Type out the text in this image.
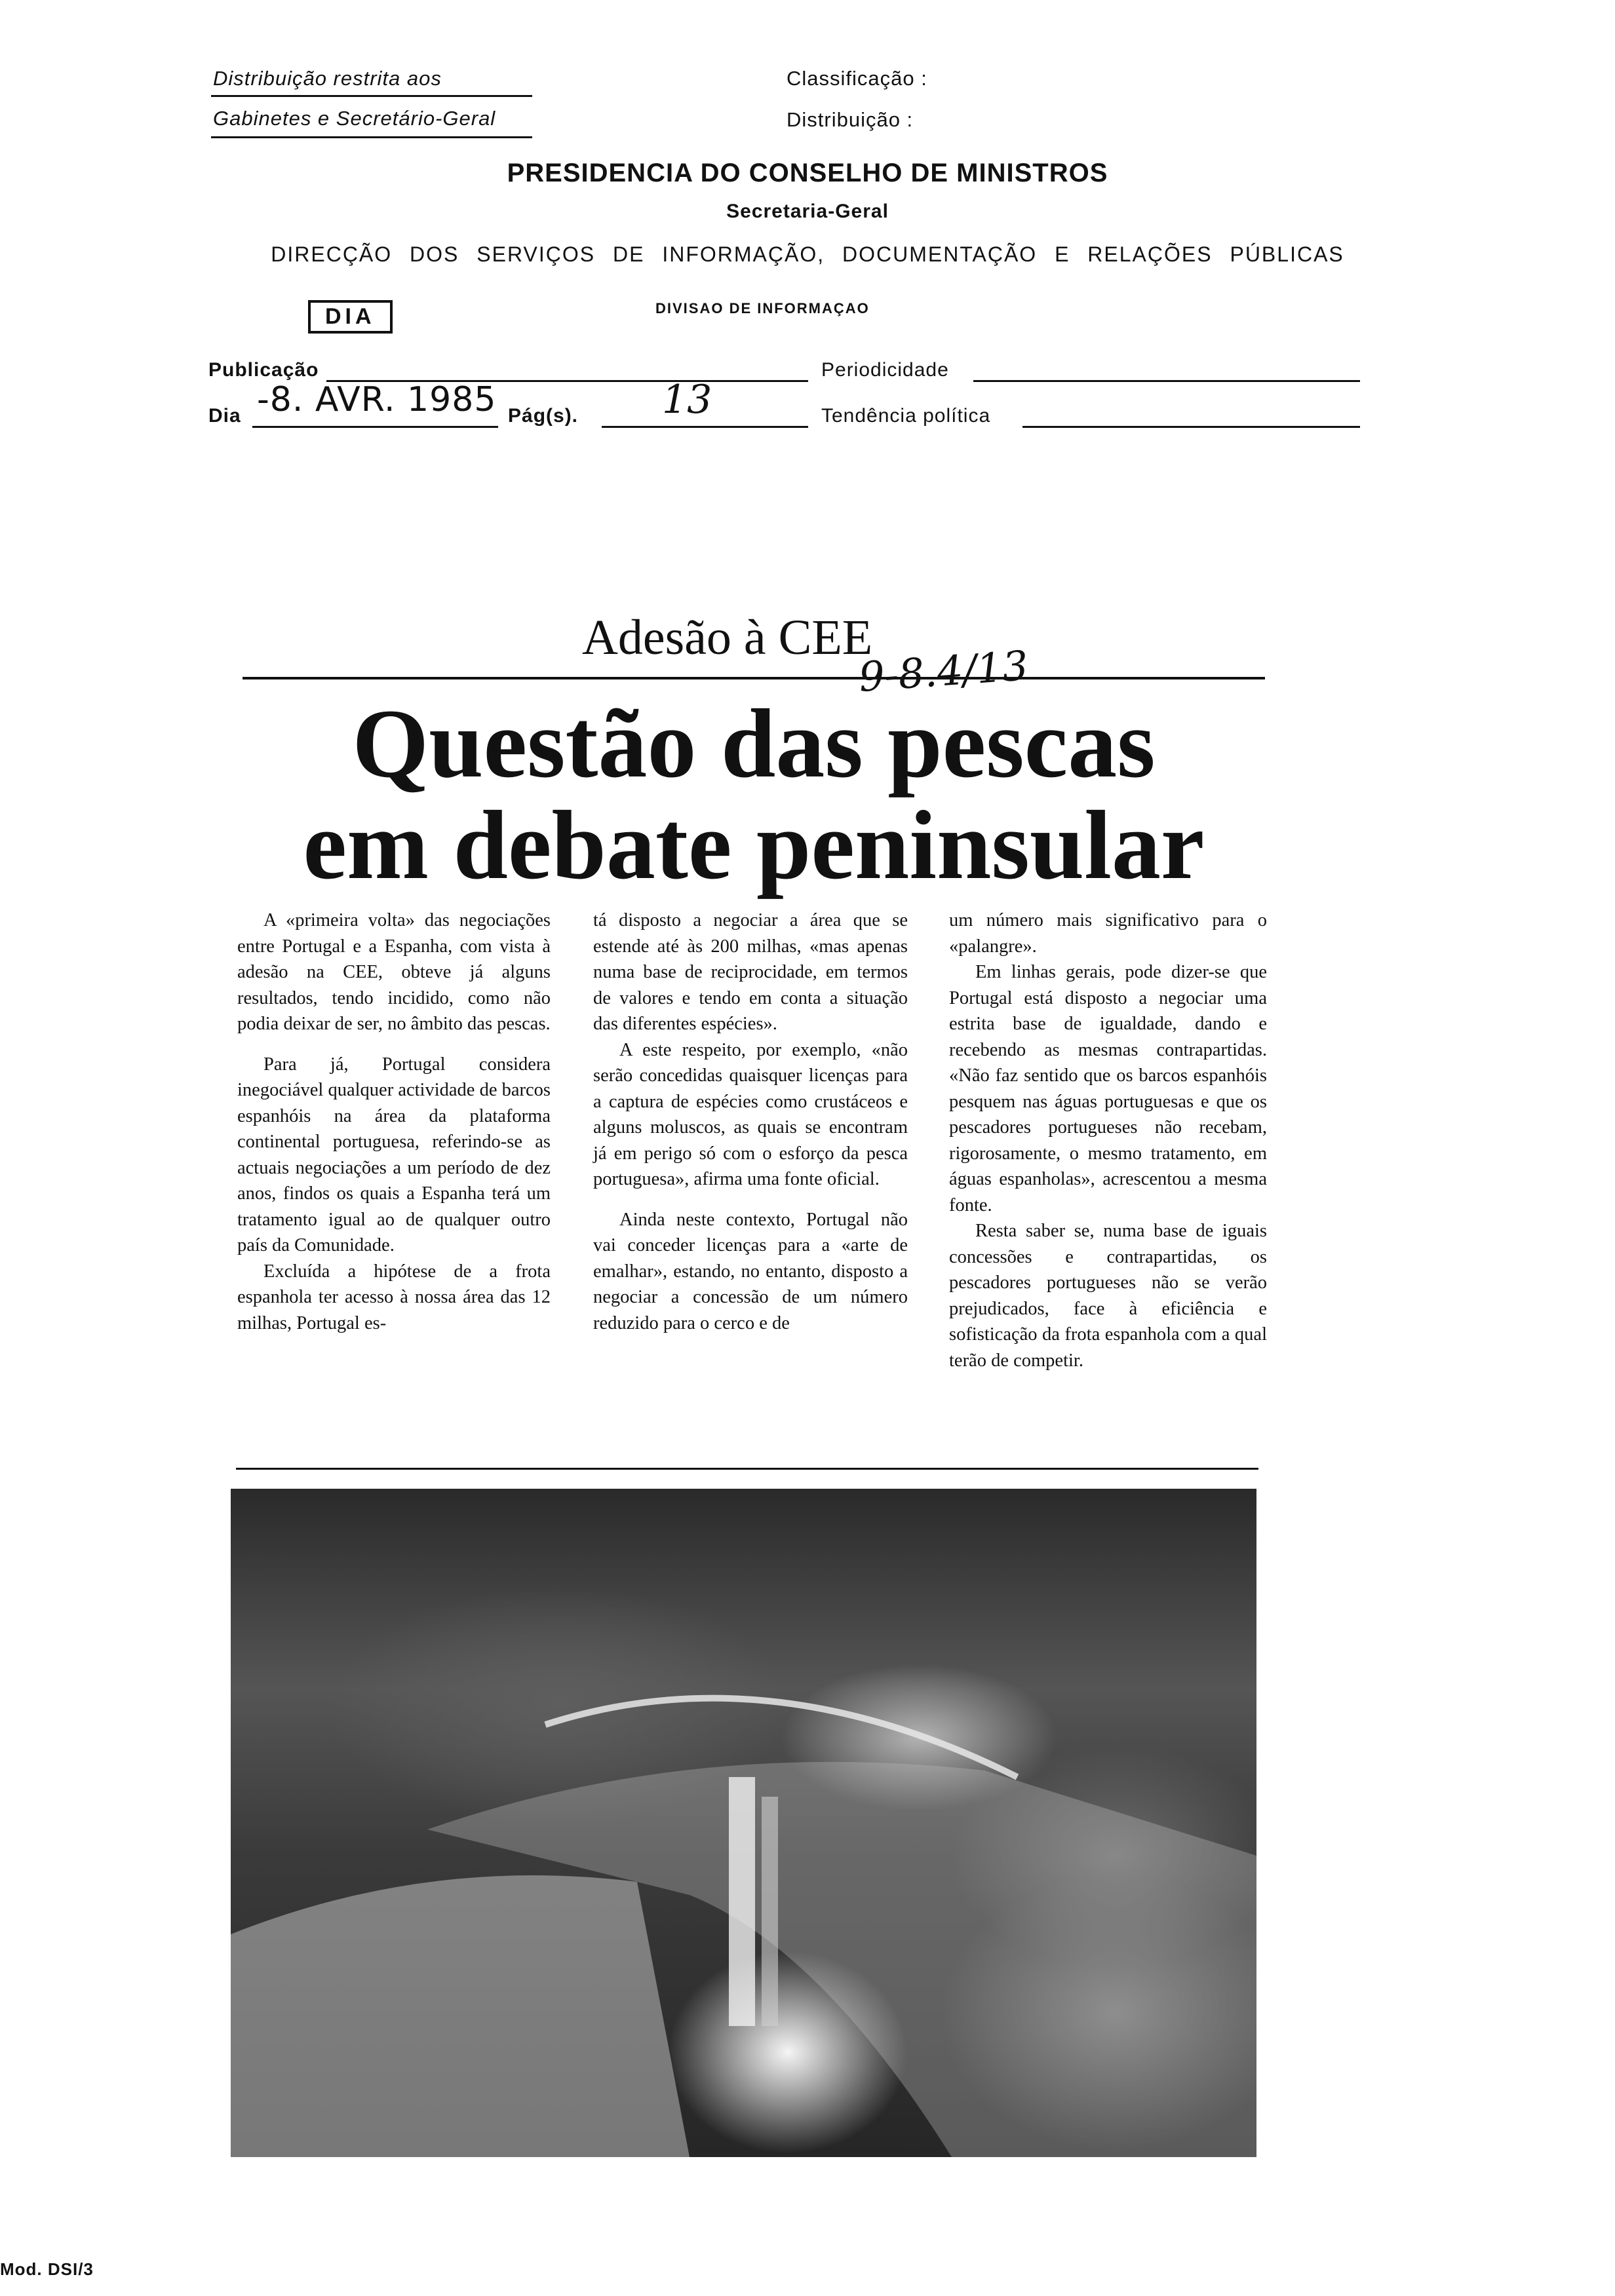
Distribuição restrita aos
Gabinetes e Secretário-Geral
Classificação :
Distribuição :
PRESIDENCIA DO CONSELHO DE MINISTROS
Secretaria-Geral
DIRECÇÃO DOS SERVIÇOS DE INFORMAÇÃO, DOCUMENTAÇÃO E RELAÇÕES PÚBLICAS
DIA	DIVISAO DE INFORMAÇAO
Publicação	Periodicidade
Dia -8. AVR. 1985 Pág(s). 13	Tendência política
Adesão à CEE
9-8.4/13
Questão das pescas
em debate peninsular

A «primeira volta» das negociações entre Portugal e a Espanha, com vista à adesão na CEE, obteve já alguns resultados, tendo incidido, como não podia deixar de ser, no âmbito das pescas.

Para já, Portugal considera inegociável qualquer actividade de barcos espanhóis na área da plataforma continental portuguesa, referindo-se as actuais negociações a um período de dez anos, findos os quais a Espanha terá um tratamento igual ao de qualquer outro país da Comunidade.

Excluída a hipótese de a frota espanhola ter acesso à nossa área das 12 milhas, Portugal es-

tá disposto a negociar a área que se estende até às 200 milhas, «mas apenas numa base de reciprocidade, em termos de valores e tendo em conta a situação das diferentes espécies».

A este respeito, por exemplo, «não serão concedidas quaisquer licenças para a captura de espécies como crustáceos e alguns moluscos, as quais se encontram já em perigo só com o esforço da pesca portuguesa», afirma uma fonte oficial.

Ainda neste contexto, Portugal não vai conceder licenças para a «arte de emalhar», estando, no entanto, disposto a negociar a concessão de um número reduzido para o cerco e de

um número mais significativo para o «palangre».

Em linhas gerais, pode dizer-se que Portugal está disposto a negociar uma estrita base de igualdade, dando e recebendo as mesmas contrapartidas. «Não faz sentido que os barcos espanhóis pesquem nas águas portuguesas e que os pescadores portugueses não recebam, rigorosamente, o mesmo tratamento, em águas espanholas», acrescentou a mesma fonte.

Resta saber se, numa base de iguais concessões e contrapartidas, os pescadores portugueses não se verão prejudicados, face à eficiência e sofisticação da frota espanhola com a qual terão de competir.

Mod. DSI/3
